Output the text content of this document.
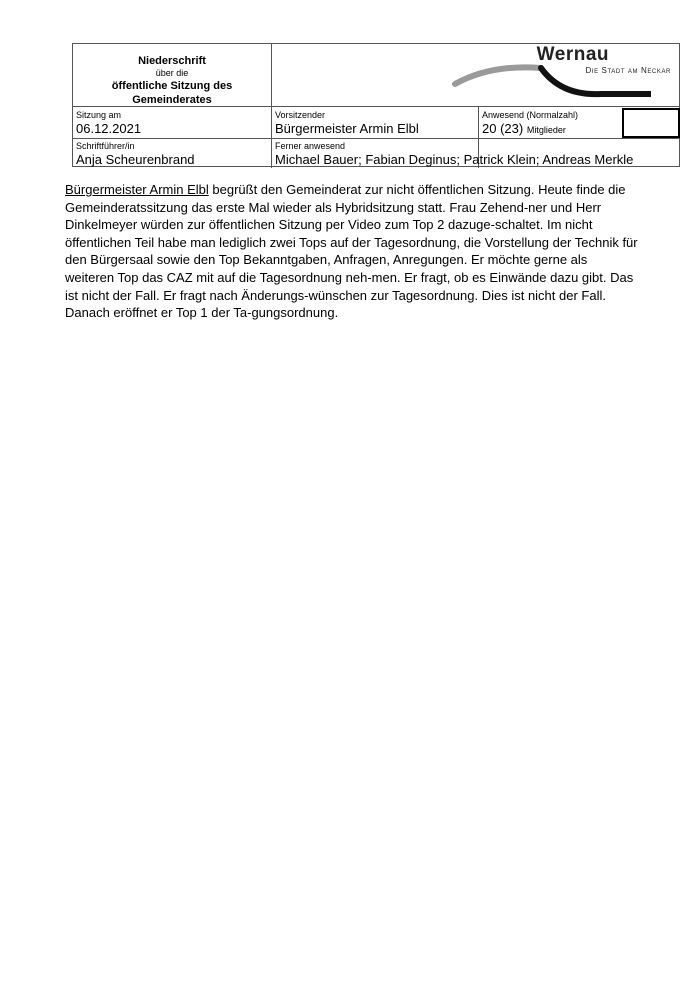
Niederschrift
über die
öffentliche Sitzung des
Gemeinderates
Wernau
Die Stadt am Neckar
Sitzung am
06.12.2021
Vorsitzender
Bürgermeister Armin Elbl
Anwesend (Normalzahl)
20 (23) Mitglieder
Schriftführer/in
Anja Scheurenbrand
Ferner anwesend
Michael Bauer; Fabian Deginus; Patrick Klein; Andreas Merkle
Bürgermeister Armin Elbl begrüßt den Gemeinderat zur nicht öffentlichen Sitzung. Heute finde die Gemeinderatssitzung das erste Mal wieder als Hybridsitzung statt. Frau Zehend-ner und Herr Dinkelmeyer würden zur öffentlichen Sitzung per Video zum Top 2 dazuge-schaltet. Im nicht öffentlichen Teil habe man lediglich zwei Tops auf der Tagesordnung, die Vorstellung der Technik für den Bürgersaal sowie den Top Bekanntgaben, Anfragen, Anregungen. Er möchte gerne als weiteren Top das CAZ mit auf die Tagesordnung neh-men. Er fragt, ob es Einwände dazu gibt. Das ist nicht der Fall. Er fragt nach Änderungs-wünschen zur Tagesordnung. Dies ist nicht der Fall. Danach eröffnet er Top 1 der Ta-gungsordnung.
